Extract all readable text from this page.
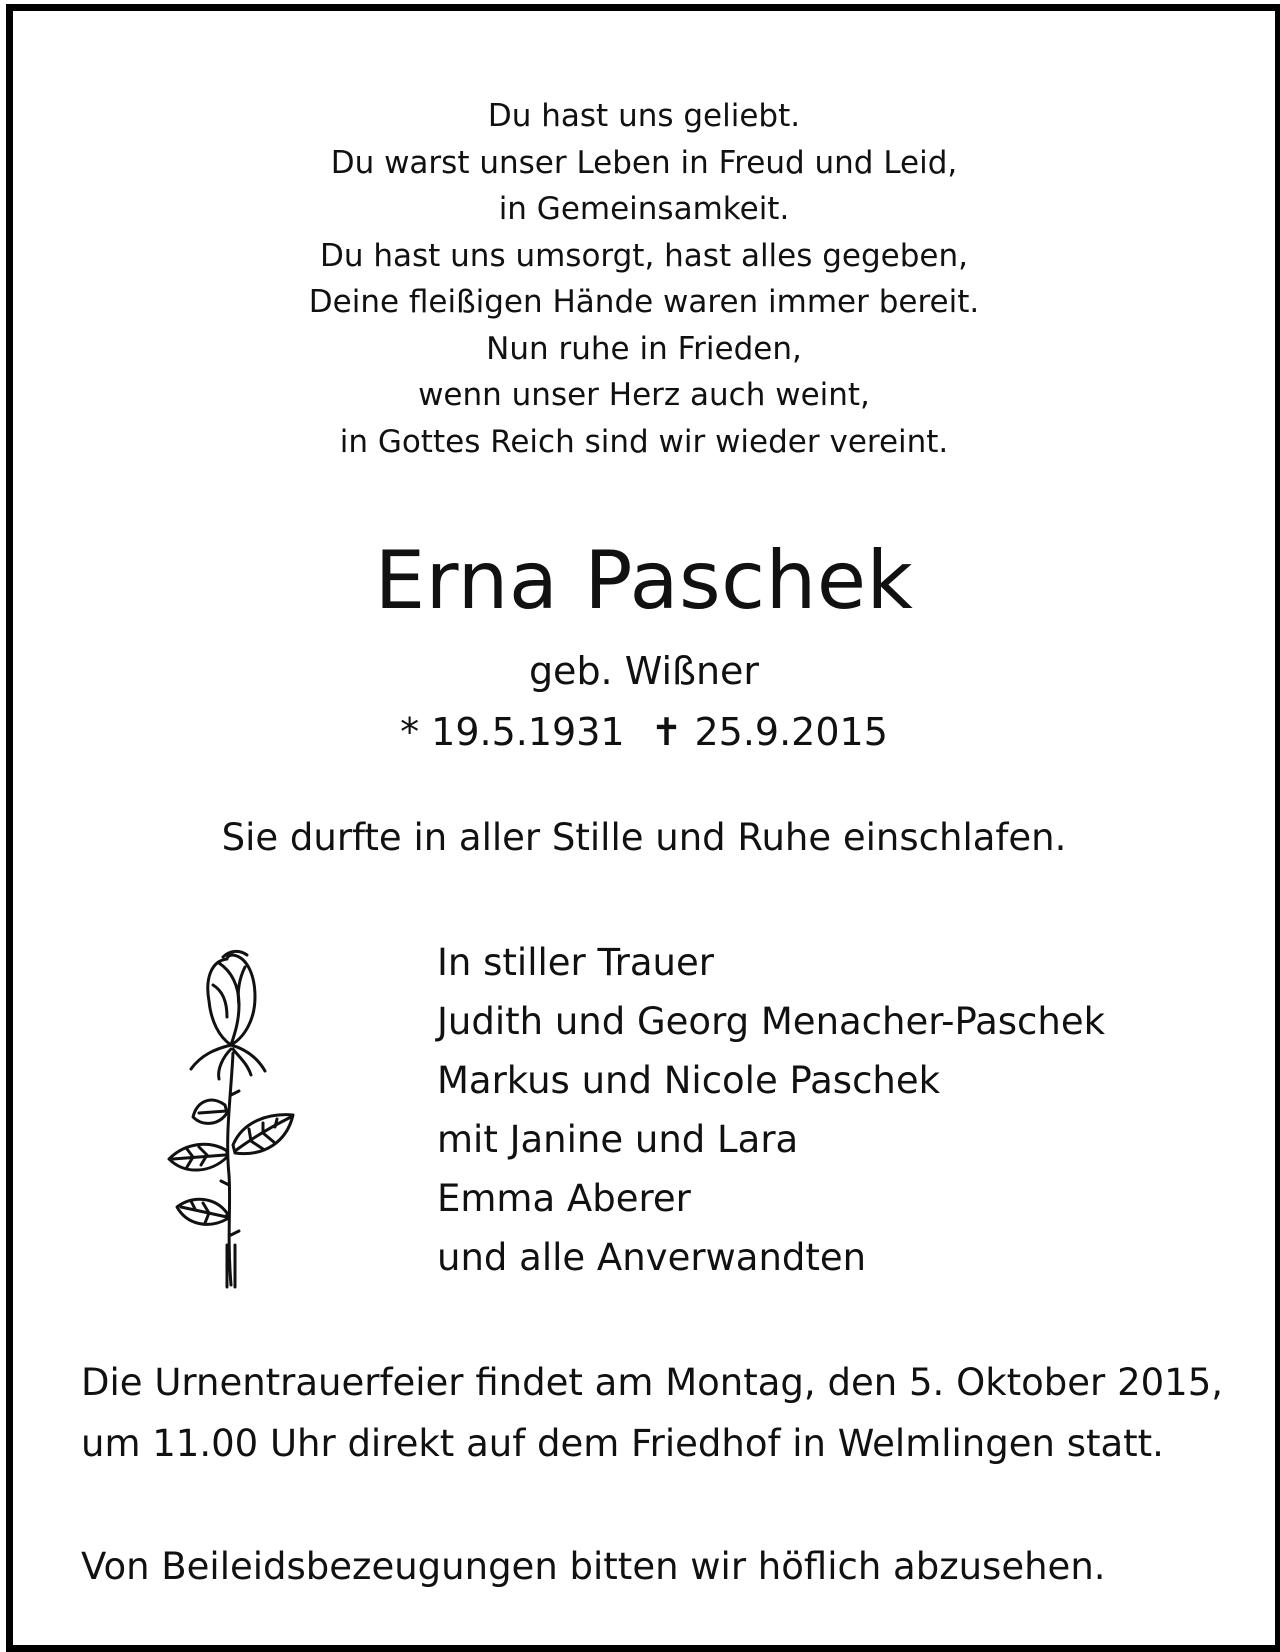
Du hast uns geliebt.
Du warst unser Leben in Freud und Leid,
in Gemeinsamkeit.
Du hast uns umsorgt, hast alles gegeben,
Deine fleißigen Hände waren immer bereit.
Nun ruhe in Frieden,
wenn unser Herz auch weint,
in Gottes Reich sind wir wieder vereint.
Erna Paschek
geb. Wißner
* 19.5.1931 ✝ 25.9.2015
Sie durfte in aller Stille und Ruhe einschlafen.
In stiller Trauer
Judith und Georg Menacher-Paschek
Markus und Nicole Paschek
mit Janine und Lara
Emma Aberer
und alle Anverwandten
Die Urnentrauerfeier findet am Montag, den 5. Oktober 2015, um 11.00 Uhr direkt auf dem Friedhof in Welmlingen statt.
Von Beileidsbezeugungen bitten wir höflich abzusehen.
